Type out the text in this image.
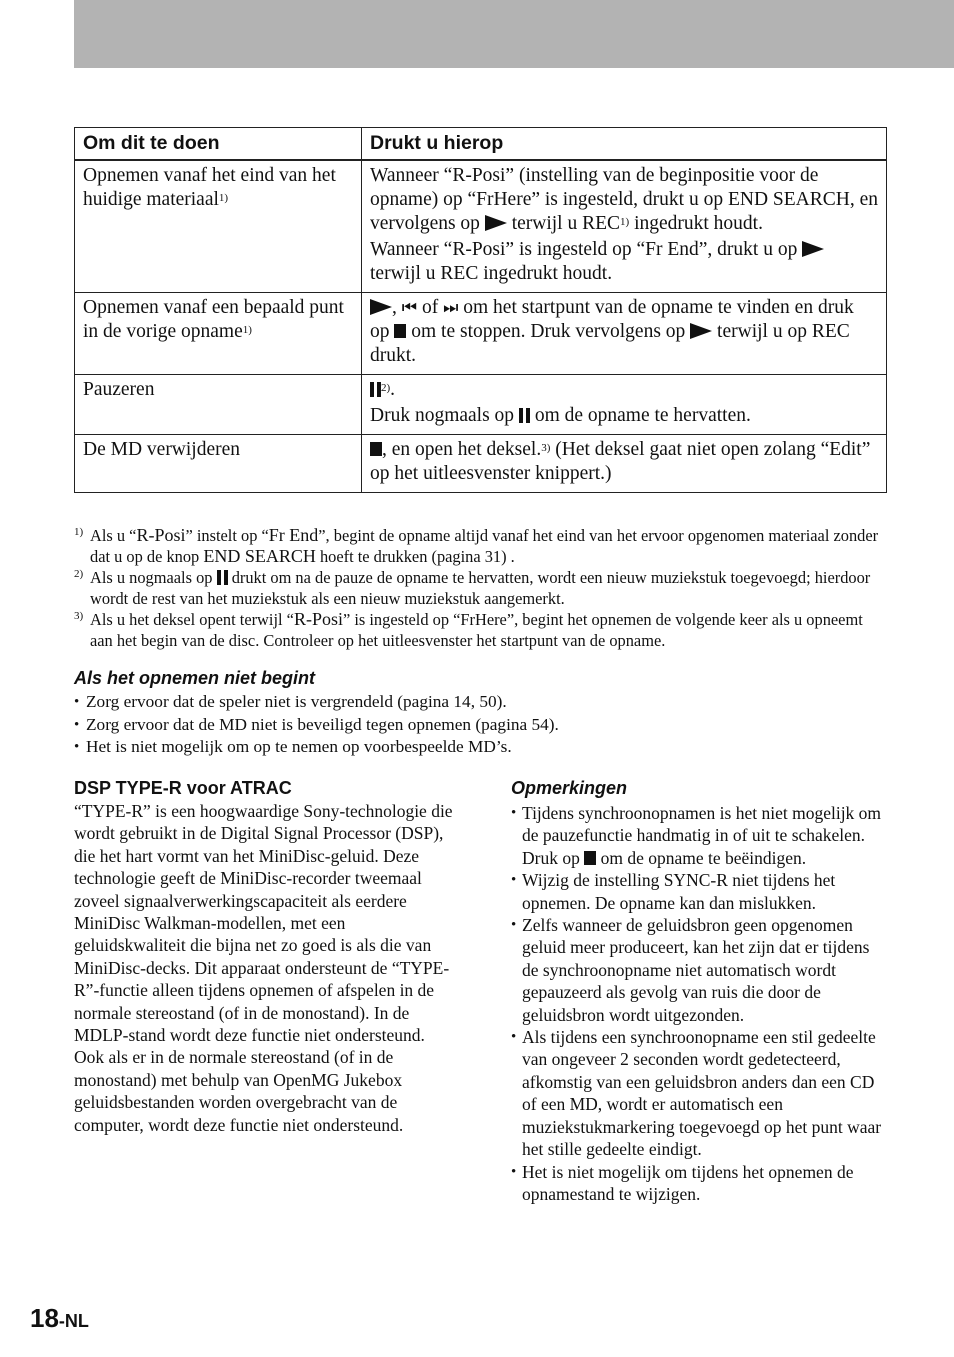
Om dit te doen	Drukt u hierop
Opnemen vanaf het eind van het huidige materiaal$^{1)}$	Wanneer “R-Posi” (instelling van de beginpositie voor de opname) op “FrHere” is ingesteld, drukt u op END SEARCH, en vervolgens op terwijl u REC$^{1)}$ ingedrukt houdt.

Wanneer “R-Posi” is ingesteld op “Fr End”, drukt u op  terwijl u REC ingedrukt houdt.

Opnemen vanaf een bepaald punt in de vorige opname$^{1)}$	, ⏮ of ⏭ om het startpunt van de opname te vinden en druk op om te stoppen. Druk vervolgens op terwijl u op REC drukt.

Pauzeren	$^{2)}$.

Druk nogmaals op om de opname te hervatten.

De MD verwijderen	, en open het deksel.$^{3)}$ (Het deksel gaat niet open zolang “Edit” op het uitleesvenster knippert.)

1) Als u “R-Posi” instelt op “Fr End”, begint de opname altijd vanaf het eind van het ervoor opgenomen materiaal zonder dat u op de knop END SEARCH hoeft te drukken (pagina 31) .
2) Als u nogmaals op drukt om na de pauze de opname te hervatten, wordt een nieuw muziekstuk toegevoegd; hierdoor wordt de rest van het muziekstuk als een nieuw muziekstuk aangemerkt.
3) Als u het deksel opent terwijl “R-Posi” is ingesteld op “FrHere”, begint het opnemen de volgende keer als u opneemt aan het begin van de disc. Controleer op het uitleesvenster het startpunt van de opname.
Als het opnemen niet begint
• Zorg ervoor dat de speler niet is vergrendeld (pagina 14, 50).
• Zorg ervoor dat de MD niet is beveiligd tegen opnemen (pagina 54).
• Het is niet mogelijk om op te nemen op voorbespeelde MD’s.
DSP TYPE-R voor ATRAC
“TYPE-R” is een hoogwaardige Sony-technologie die wordt gebruikt in de Digital Signal Processor (DSP), die het hart vormt van het MiniDisc-geluid. Deze technologie geeft de MiniDisc-recorder tweemaal zoveel signaalverwerkingscapaciteit als eerdere MiniDisc Walkman-modellen, met een geluidskwaliteit die bijna net zo goed is als die van MiniDisc-decks. Dit apparaat ondersteunt de “TYPE-R”-functie alleen tijdens opnemen of afspelen in de normale stereostand (of in de monostand). In de MDLP-stand wordt deze functie niet ondersteund. Ook als er in de normale stereostand (of in de monostand) met behulp van OpenMG Jukebox geluidsbestanden worden overgebracht van de computer, wordt deze functie niet ondersteund.
Opmerkingen
• Tijdens synchroonopnamen is het niet mogelijk om de pauzefunctie handmatig in of uit te schakelen. Druk op om de opname te beëindigen.
• Wijzig de instelling SYNC-R niet tijdens het opnemen. De opname kan dan mislukken.
• Zelfs wanneer de geluidsbron geen opgenomen geluid meer produceert, kan het zijn dat er tijdens de synchroonopname niet automatisch wordt gepauzeerd als gevolg van ruis die door de geluidsbron wordt uitgezonden.
• Als tijdens een synchroonopname een stil gedeelte van ongeveer 2 seconden wordt gedetecteerd, afkomstig van een geluidsbron anders dan een CD of een MD, wordt er automatisch een muziekstukmarkering toegevoegd op het punt waar het stille gedeelte eindigt.
• Het is niet mogelijk om tijdens het opnemen de opnamestand te wijzigen.
18-NL
